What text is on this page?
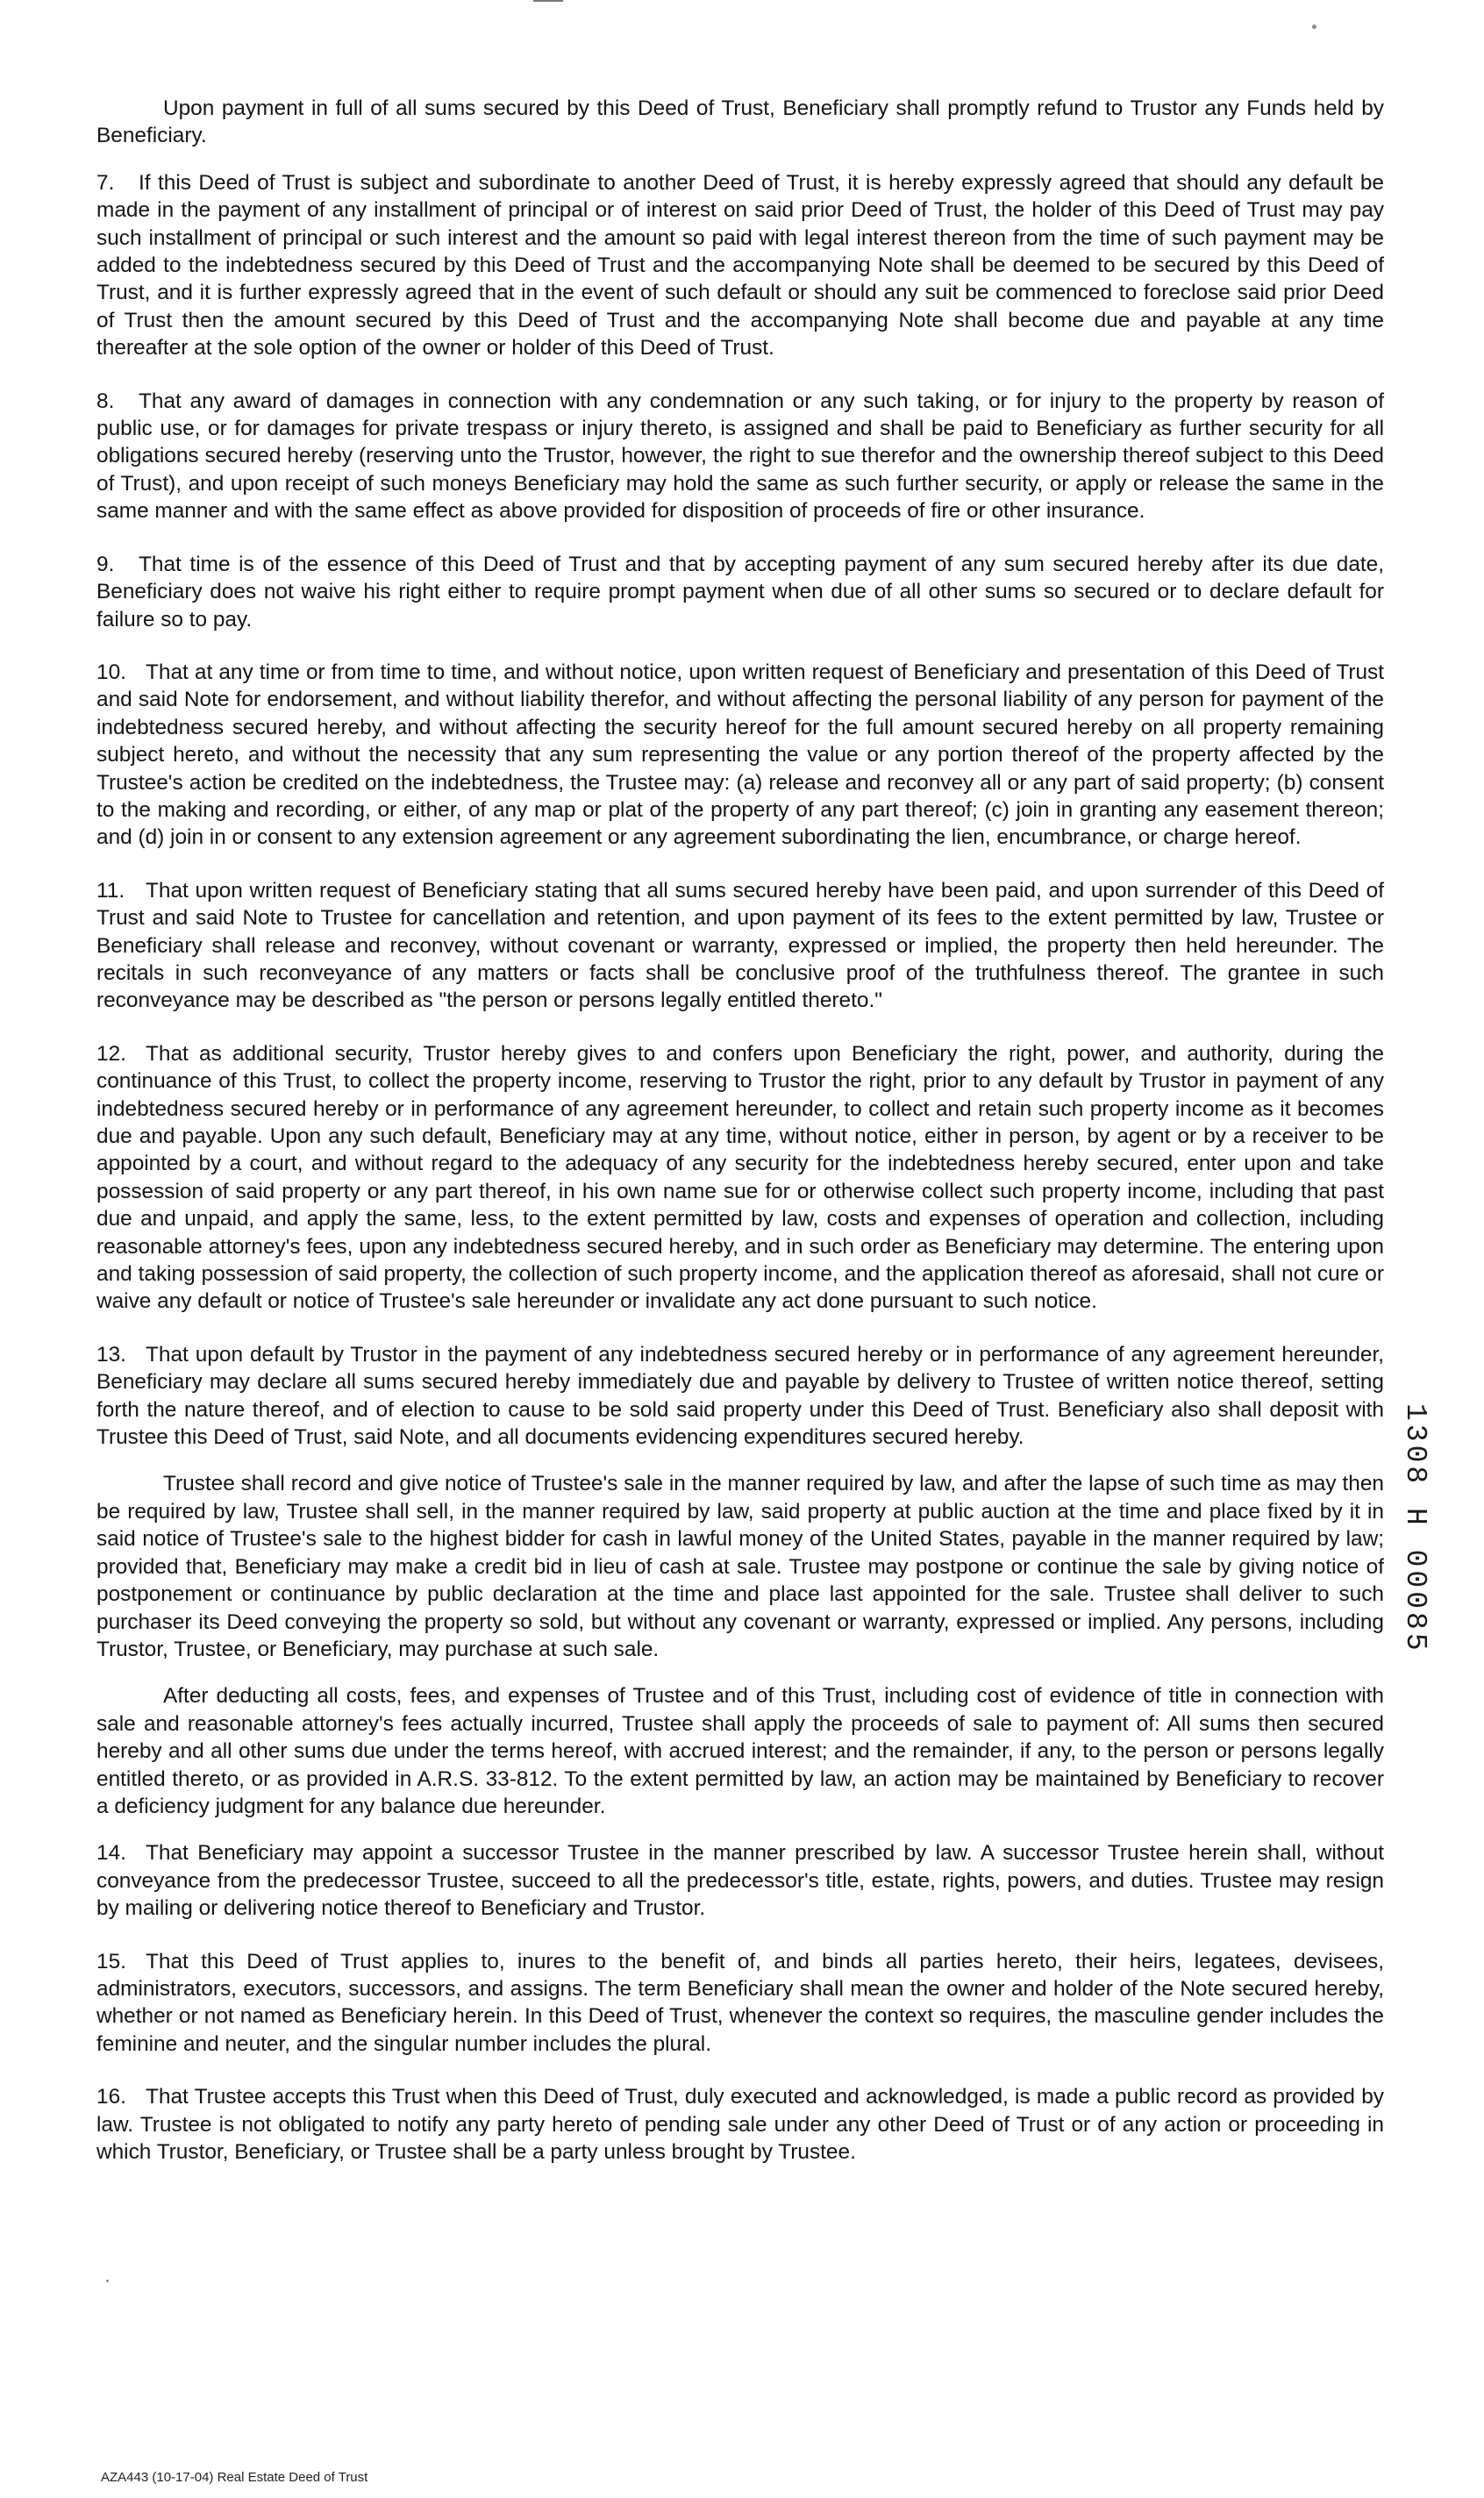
Upon payment in full of all sums secured by this Deed of Trust, Beneficiary shall promptly refund to Trustor any Funds held by Beneficiary.

7. If this Deed of Trust is subject and subordinate to another Deed of Trust, it is hereby expressly agreed that should any default be made in the payment of any installment of principal or of interest on said prior Deed of Trust, the holder of this Deed of Trust may pay such installment of principal or such interest and the amount so paid with legal interest thereon from the time of such payment may be added to the indebtedness secured by this Deed of Trust and the accompanying Note shall be deemed to be secured by this Deed of Trust, and it is further expressly agreed that in the event of such default or should any suit be commenced to foreclose said prior Deed of Trust then the amount secured by this Deed of Trust and the accompanying Note shall become due and payable at any time thereafter at the sole option of the owner or holder of this Deed of Trust.

8. That any award of damages in connection with any condemnation or any such taking, or for injury to the property by reason of public use, or for damages for private trespass or injury thereto, is assigned and shall be paid to Beneficiary as further security for all obligations secured hereby (reserving unto the Trustor, however, the right to sue therefor and the ownership thereof subject to this Deed of Trust), and upon receipt of such moneys Beneficiary may hold the same as such further security, or apply or release the same in the same manner and with the same effect as above provided for disposition of proceeds of fire or other insurance.

9. That time is of the essence of this Deed of Trust and that by accepting payment of any sum secured hereby after its due date, Beneficiary does not waive his right either to require prompt payment when due of all other sums so secured or to declare default for failure so to pay.

10. That at any time or from time to time, and without notice, upon written request of Beneficiary and presentation of this Deed of Trust and said Note for endorsement, and without liability therefor, and without affecting the personal liability of any person for payment of the indebtedness secured hereby, and without affecting the security hereof for the full amount secured hereby on all property remaining subject hereto, and without the necessity that any sum representing the value or any portion thereof of the property affected by the Trustee's action be credited on the indebtedness, the Trustee may: (a) release and reconvey all or any part of said property; (b) consent to the making and recording, or either, of any map or plat of the property of any part thereof; (c) join in granting any easement thereon; and (d) join in or consent to any extension agreement or any agreement subordinating the lien, encumbrance, or charge hereof.

11. That upon written request of Beneficiary stating that all sums secured hereby have been paid, and upon surrender of this Deed of Trust and said Note to Trustee for cancellation and retention, and upon payment of its fees to the extent permitted by law, Trustee or Beneficiary shall release and reconvey, without covenant or warranty, expressed or implied, the property then held hereunder. The recitals in such reconveyance of any matters or facts shall be conclusive proof of the truthfulness thereof. The grantee in such reconveyance may be described as "the person or persons legally entitled thereto."

12. That as additional security, Trustor hereby gives to and confers upon Beneficiary the right, power, and authority, during the continuance of this Trust, to collect the property income, reserving to Trustor the right, prior to any default by Trustor in payment of any indebtedness secured hereby or in performance of any agreement hereunder, to collect and retain such property income as it becomes due and payable. Upon any such default, Beneficiary may at any time, without notice, either in person, by agent or by a receiver to be appointed by a court, and without regard to the adequacy of any security for the indebtedness hereby secured, enter upon and take possession of said property or any part thereof, in his own name sue for or otherwise collect such property income, including that past due and unpaid, and apply the same, less, to the extent permitted by law, costs and expenses of operation and collection, including reasonable attorney's fees, upon any indebtedness secured hereby, and in such order as Beneficiary may determine. The entering upon and taking possession of said property, the collection of such property income, and the application thereof as aforesaid, shall not cure or waive any default or notice of Trustee's sale hereunder or invalidate any act done pursuant to such notice.

13. That upon default by Trustor in the payment of any indebtedness secured hereby or in performance of any agreement hereunder, Beneficiary may declare all sums secured hereby immediately due and payable by delivery to Trustee of written notice thereof, setting forth the nature thereof, and of election to cause to be sold said property under this Deed of Trust. Beneficiary also shall deposit with Trustee this Deed of Trust, said Note, and all documents evidencing expenditures secured hereby.

Trustee shall record and give notice of Trustee's sale in the manner required by law, and after the lapse of such time as may then be required by law, Trustee shall sell, in the manner required by law, said property at public auction at the time and place fixed by it in said notice of Trustee's sale to the highest bidder for cash in lawful money of the United States, payable in the manner required by law; provided that, Beneficiary may make a credit bid in lieu of cash at sale. Trustee may postpone or continue the sale by giving notice of postponement or continuance by public declaration at the time and place last appointed for the sale. Trustee shall deliver to such purchaser its Deed conveying the property so sold, but without any covenant or warranty, expressed or implied. Any persons, including Trustor, Trustee, or Beneficiary, may purchase at such sale.

After deducting all costs, fees, and expenses of Trustee and of this Trust, including cost of evidence of title in connection with sale and reasonable attorney's fees actually incurred, Trustee shall apply the proceeds of sale to payment of: All sums then secured hereby and all other sums due under the terms hereof, with accrued interest; and the remainder, if any, to the person or persons legally entitled thereto, or as provided in A.R.S. 33-812. To the extent permitted by law, an action may be maintained by Beneficiary to recover a deficiency judgment for any balance due hereunder.

14. That Beneficiary may appoint a successor Trustee in the manner prescribed by law. A successor Trustee herein shall, without conveyance from the predecessor Trustee, succeed to all the predecessor's title, estate, rights, powers, and duties. Trustee may resign by mailing or delivering notice thereof to Beneficiary and Trustor.

15. That this Deed of Trust applies to, inures to the benefit of, and binds all parties hereto, their heirs, legatees, devisees, administrators, executors, successors, and assigns. The term Beneficiary shall mean the owner and holder of the Note secured hereby, whether or not named as Beneficiary herein. In this Deed of Trust, whenever the context so requires, the masculine gender includes the feminine and neuter, and the singular number includes the plural.

16. That Trustee accepts this Trust when this Deed of Trust, duly executed and acknowledged, is made a public record as provided by law. Trustee is not obligated to notify any party hereto of pending sale under any other Deed of Trust or of any action or proceeding in which Trustor, Beneficiary, or Trustee shall be a party unless brought by Trustee.

1308 H 00085
AZA443 (10-17-04) Real Estate Deed of Trust
